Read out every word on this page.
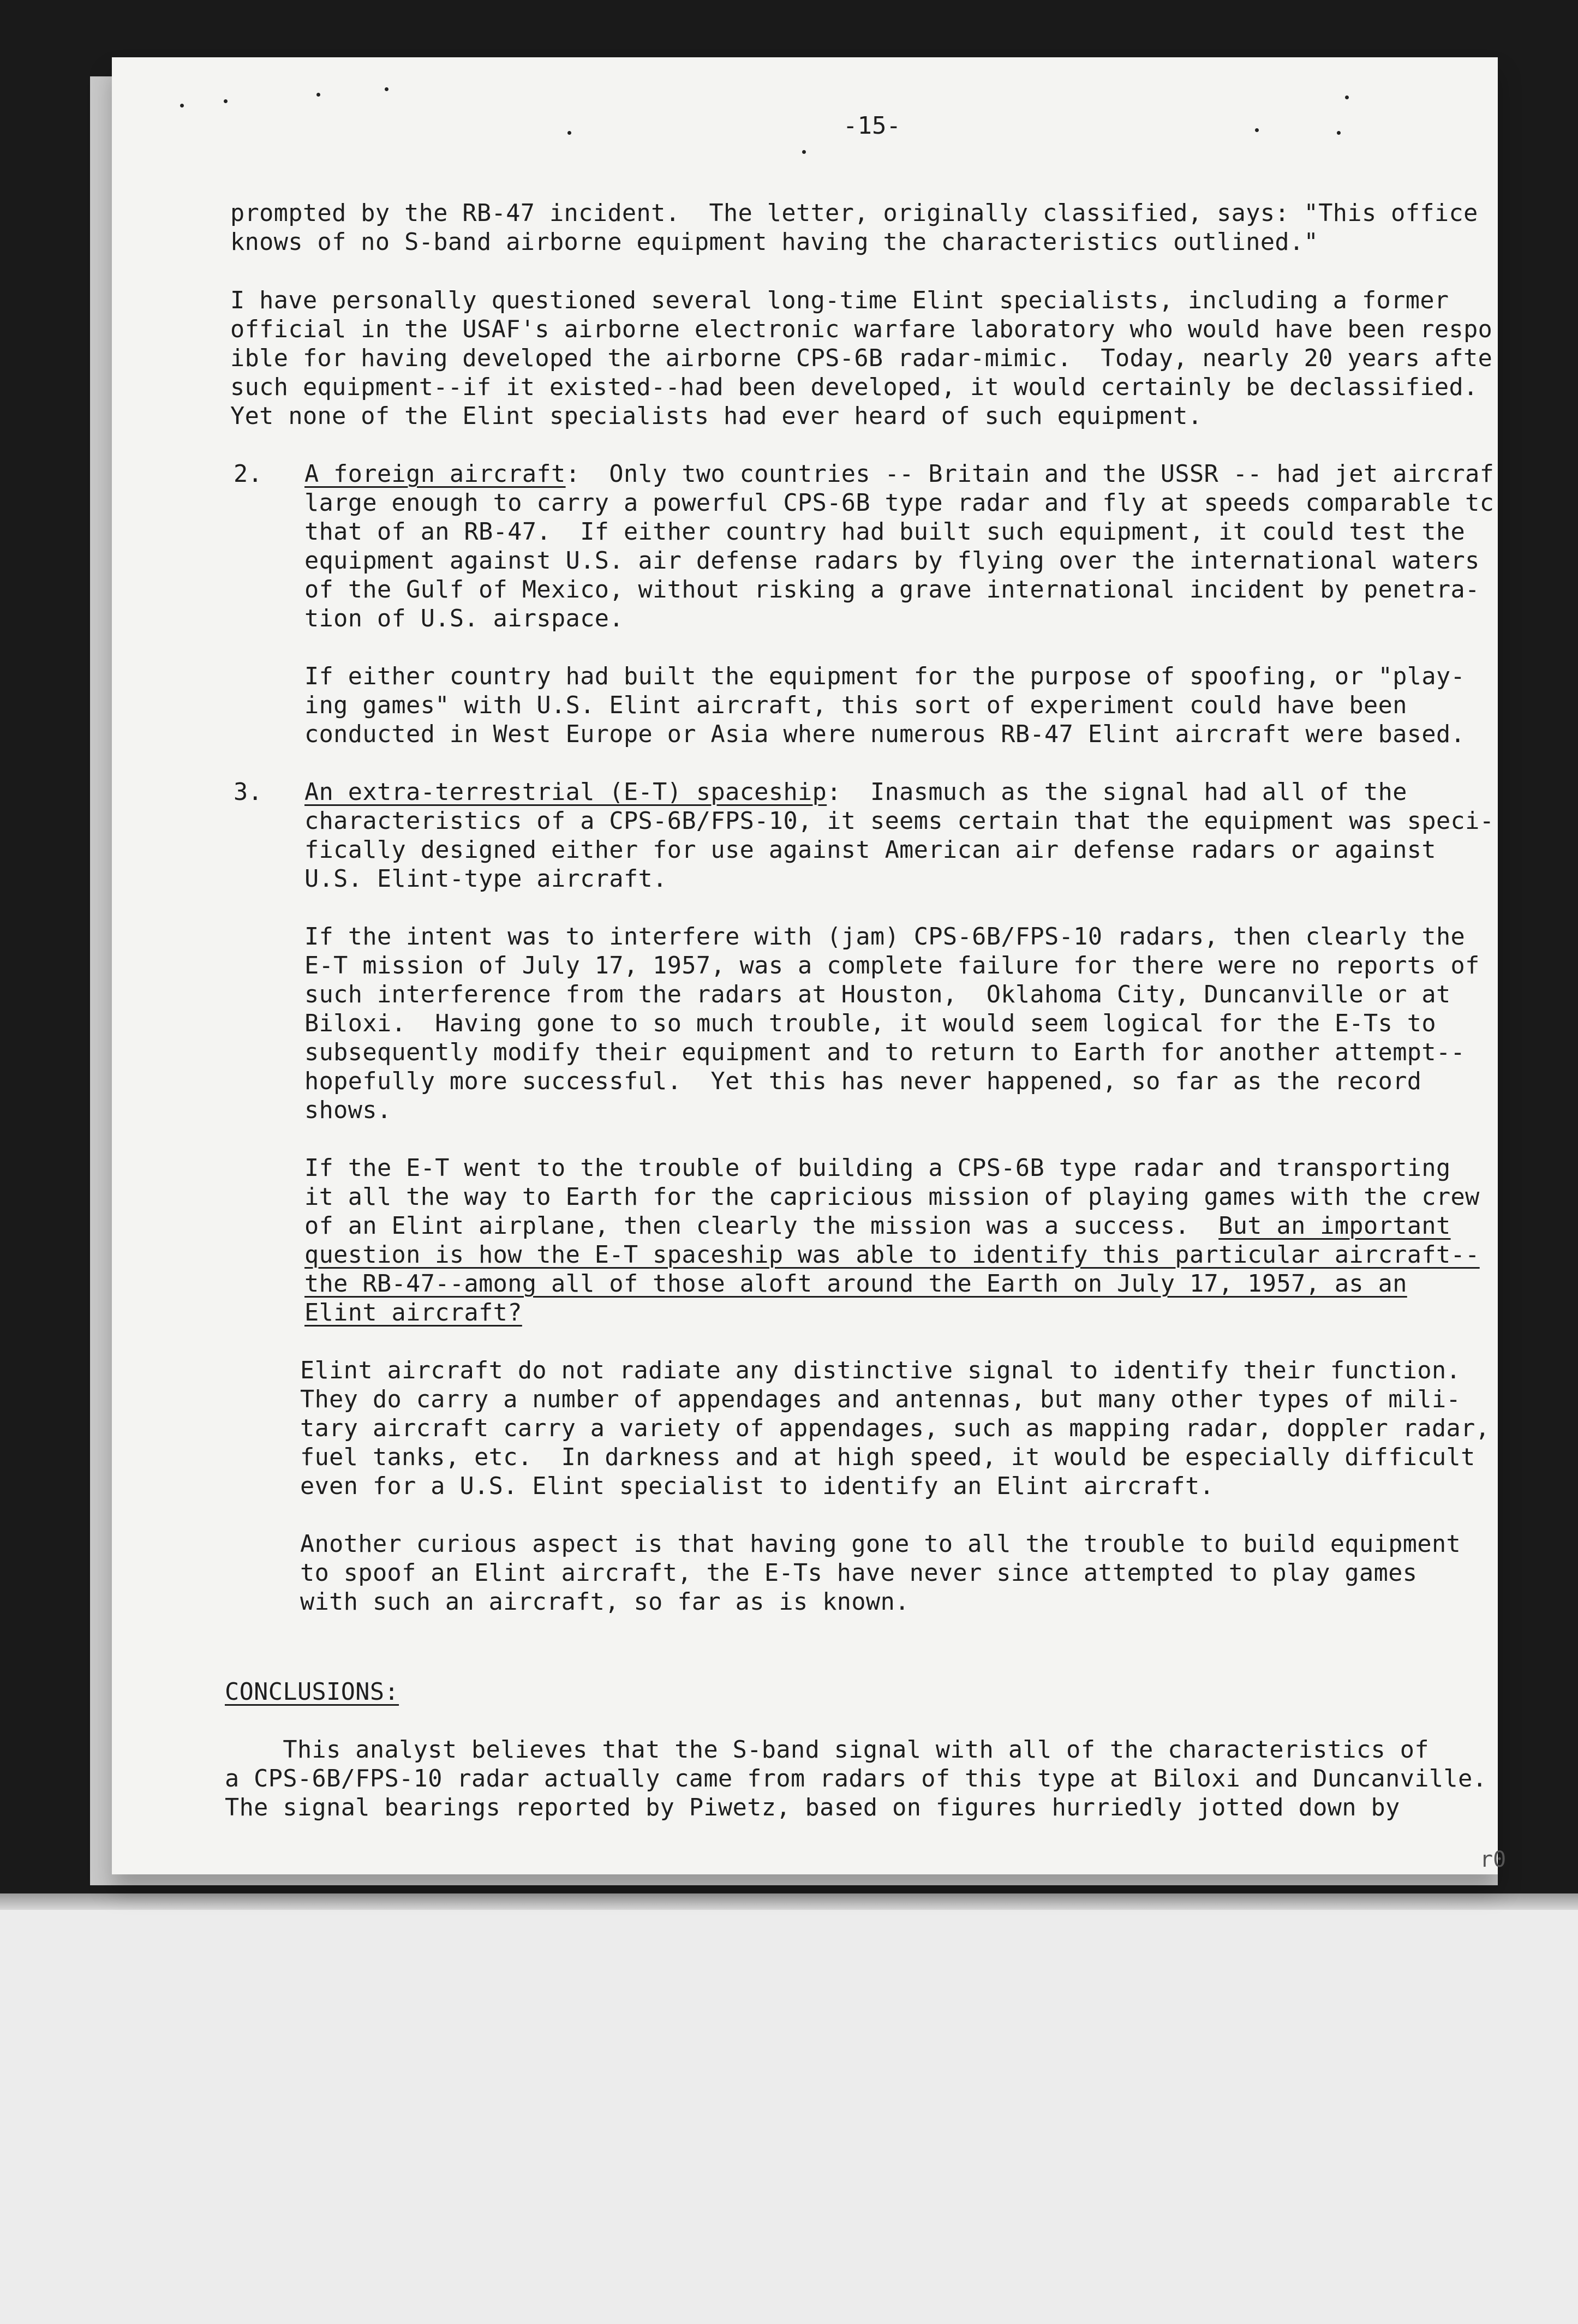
-15-
prompted by the RB-47 incident.  The letter, originally classified, says: "This office
knows of no S-band airborne equipment having the characteristics outlined."
I have personally questioned several long-time Elint specialists, including a former
official in the USAF's airborne electronic warfare laboratory who would have been respo
ible for having developed the airborne CPS-6B radar-mimic.  Today, nearly 20 years afte
such equipment--if it existed--had been developed, it would certainly be declassified.
Yet none of the Elint specialists had ever heard of such equipment.
2. A foreign aircraft:  Only two countries -- Britain and the USSR -- had jet aircraf
large enough to carry a powerful CPS-6B type radar and fly at speeds comparable tc
that of an RB-47.  If either country had built such equipment, it could test the
equipment against U.S. air defense radars by flying over the international waters
of the Gulf of Mexico, without risking a grave international incident by penetra-
tion of U.S. airspace.
If either country had built the equipment for the purpose of spoofing, or "play-
ing games" with U.S. Elint aircraft, this sort of experiment could have been
conducted in West Europe or Asia where numerous RB-47 Elint aircraft were based.
3. An extra-terrestrial (E-T) spaceship:  Inasmuch as the signal had all of the
characteristics of a CPS-6B/FPS-10, it seems certain that the equipment was speci-
fically designed either for use against American air defense radars or against
U.S. Elint-type aircraft.
If the intent was to interfere with (jam) CPS-6B/FPS-10 radars, then clearly the
E-T mission of July 17, 1957, was a complete failure for there were no reports of
such interference from the radars at Houston,  Oklahoma City, Duncanville or at
Biloxi.  Having gone to so much trouble, it would seem logical for the E-Ts to
subsequently modify their equipment and to return to Earth for another attempt--
hopefully more successful.  Yet this has never happened, so far as the record
shows.
If the E-T went to the trouble of building a CPS-6B type radar and transporting
it all the way to Earth for the capricious mission of playing games with the crew
of an Elint airplane, then clearly the mission was a success.  But an important
question is how the E-T spaceship was able to identify this particular aircraft--
the RB-47--among all of those aloft around the Earth on July 17, 1957, as an
Elint aircraft?
Elint aircraft do not radiate any distinctive signal to identify their function.
They do carry a number of appendages and antennas, but many other types of mili-
tary aircraft carry a variety of appendages, such as mapping radar, doppler radar,
fuel tanks, etc.  In darkness and at high speed, it would be especially difficult
even for a U.S. Elint specialist to identify an Elint aircraft.
Another curious aspect is that having gone to all the trouble to build equipment
to spoof an Elint aircraft, the E-Ts have never since attempted to play games
with such an aircraft, so far as is known.
CONCLUSIONS:
This analyst believes that the S-band signal with all of the characteristics of
a CPS-6B/FPS-10 radar actually came from radars of this type at Biloxi and Duncanville.
The signal bearings reported by Piwetz, based on figures hurriedly jotted down by
r0
